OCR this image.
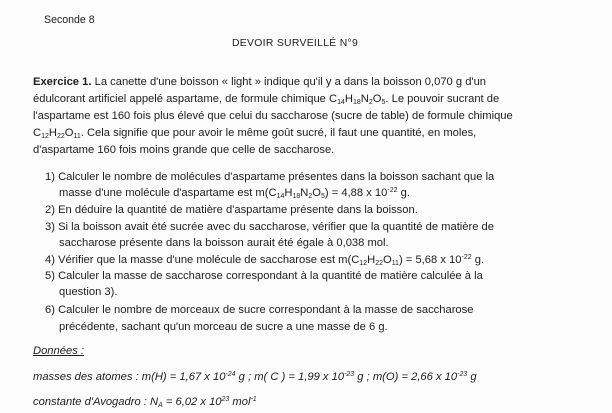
Seconde 8
DEVOIR SURVEILLÉ N°9
Exercice 1. La canette d'une boisson « light » indique qu'il y a dans la boisson 0,070 g d'un
édulcorant artificiel appelé aspartame, de formule chimique $C_{14}H_{18}N_2O_5$. Le pouvoir sucrant de
l'aspartame est 160 fois plus élevé que celui du saccharose (sucre de table) de formule chimique
$C_{12}H_{22}O_{11}$. Cela signifie que pour avoir le même goût sucré, il faut une quantité, en moles,
d'aspartame 160 fois moins grande que celle de saccharose.
1) Calculer le nombre de molécules d'aspartame présentes dans la boisson sachant que la
masse d'une molécule d'aspartame est $m(C_{14}H_{18}N_2O_5) = 4,88$ x $10^{-22}$ g.
2) En déduire la quantité de matière d'aspartame présente dans la boisson.
3) Si la boisson avait été sucrée avec du saccharose, vérifier que la quantité de matière de
saccharose présente dans la boisson aurait été égale à 0,038 mol.
4) Vérifier que la masse d'une molécule de saccharose est $m(C_{12}H_{22}O_{11}) = 5,68$ x $10^{-22}$ g.
5) Calculer la masse de saccharose correspondant à la quantité de matière calculée à la
question 3).
6) Calculer le nombre de morceaux de sucre correspondant à la masse de saccharose
précédente, sachant qu'un morceau de sucre a une masse de 6 g.
Données :
masses des atomes : m(H) = 1,67 x $10^{-24}$ g ; m( C ) = 1,99 x $10^{-23}$ g ; m(O) = 2,66 x $10^{-23}$ g
constante d'Avogadro : $N_A = 6,02$ x $10^{23}$ mol$^{-1}$
